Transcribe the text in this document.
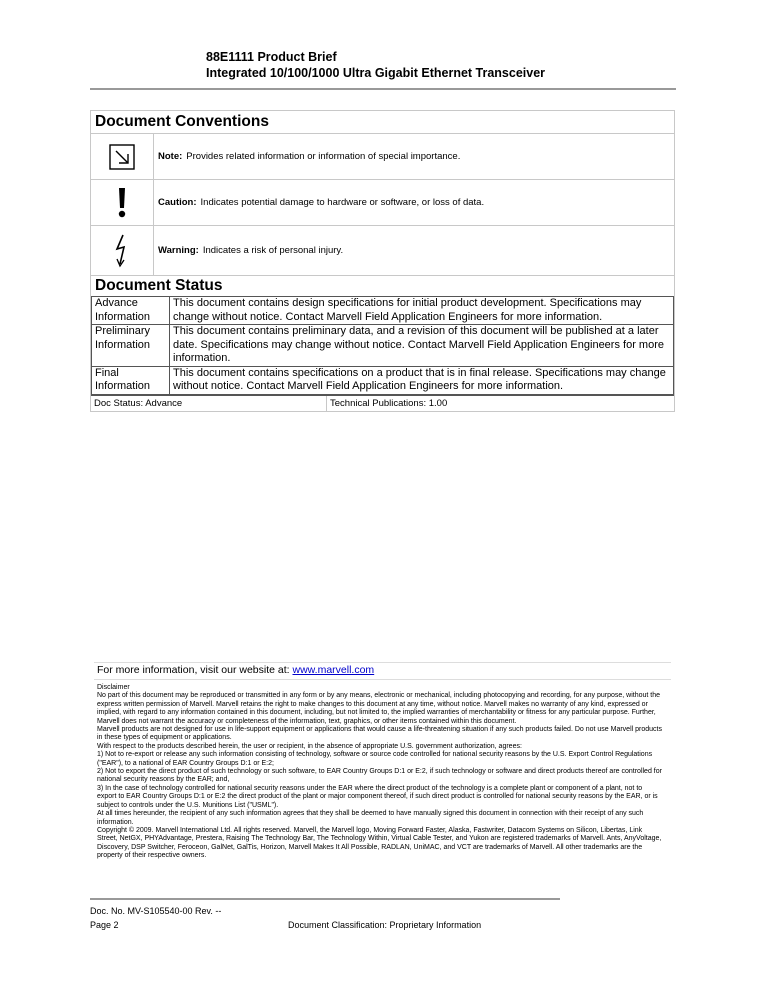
88E1111 Product Brief
Integrated 10/100/1000 Ultra Gigabit Ethernet Transceiver
Document Conventions
Note: Provides related information or information of special importance.
Caution: Indicates potential damage to hardware or software, or loss of data.
Warning: Indicates a risk of personal injury.
Document Status
Advance Information	This document contains design specifications for initial product development. Specifications may change without notice. Contact Marvell Field Application Engineers for more information.
Preliminary Information	This document contains preliminary data, and a revision of this document will be published at a later date. Specifications may change without notice. Contact Marvell Field Application Engineers for more information.
Final Information	This document contains specifications on a product that is in final release. Specifications may change without notice. Contact Marvell Field Application Engineers for more information.
Doc Status: Advance	Technical Publications: 1.00
For more information, visit our website at: www.marvell.com

Disclaimer

No part of this document may be reproduced or transmitted in any form or by any means, electronic or mechanical, including photocopying and recording, for any purpose, without the express written permission of Marvell. Marvell retains the right to make changes to this document at any time, without notice. Marvell makes no warranty of any kind, expressed or implied, with regard to any information contained in this document, including, but not limited to, the implied warranties of merchantability or fitness for any particular purpose. Further, Marvell does not warrant the accuracy or completeness of the information, text, graphics, or other items contained within this document.

Marvell products are not designed for use in life-support equipment or applications that would cause a life-threatening situation if any such products failed. Do not use Marvell products in these types of equipment or applications.

With respect to the products described herein, the user or recipient, in the absence of appropriate U.S. government authorization, agrees:

1) Not to re-export or release any such information consisting of technology, software or source code controlled for national security reasons by the U.S. Export Control Regulations ("EAR"), to a national of EAR Country Groups D:1 or E:2;

2) Not to export the direct product of such technology or such software, to EAR Country Groups D:1 or E:2, if such technology or software and direct products thereof are controlled for national security reasons by the EAR; and,

3) In the case of technology controlled for national security reasons under the EAR where the direct product of the technology is a complete plant or component of a plant, not to export to EAR Country Groups D:1 or E:2 the direct product of the plant or major component thereof, if such direct product is controlled for national security reasons by the EAR, or is subject to controls under the U.S. Munitions List ("USML").

At all times hereunder, the recipient of any such information agrees that they shall be deemed to have manually signed this document in connection with their receipt of any such information.

Copyright © 2009. Marvell International Ltd. All rights reserved. Marvell, the Marvell logo, Moving Forward Faster, Alaska, Fastwriter, Datacom Systems on Silicon, Libertas, Link Street, NetGX, PHYAdvantage, Prestera, Raising The Technology Bar, The Technology Within, Virtual Cable Tester, and Yukon are registered trademarks of Marvell. Ants, AnyVoltage, Discovery, DSP Switcher, Feroceon, GalNet, GalTis, Horizon, Marvell Makes It All Possible, RADLAN, UniMAC, and VCT are trademarks of Marvell. All other trademarks are the property of their respective owners.

Doc. No. MV-S105540-00 Rev. --
Page 2	Document Classification: Proprietary Information
